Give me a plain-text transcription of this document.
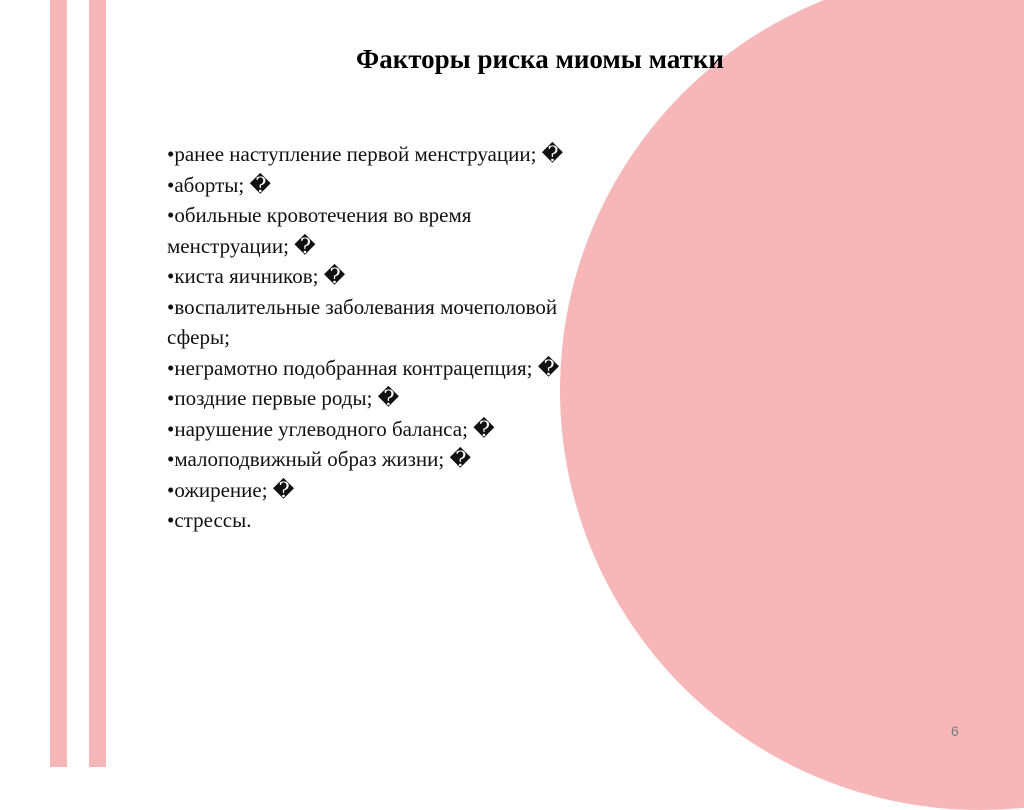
Факторы риска миомы матки
•ранее наступление первой менструации; �
•аборты; �
•обильные кровотечения во время
менструации; �
•киста яичников; �
•воспалительные заболевания мочеполовой
сферы;
•неграмотно подобранная контрацепция; �
•поздние первые роды; �
•нарушение углеводного баланса; �
•малоподвижный образ жизни; �
•ожирение; �
•стрессы.
6
